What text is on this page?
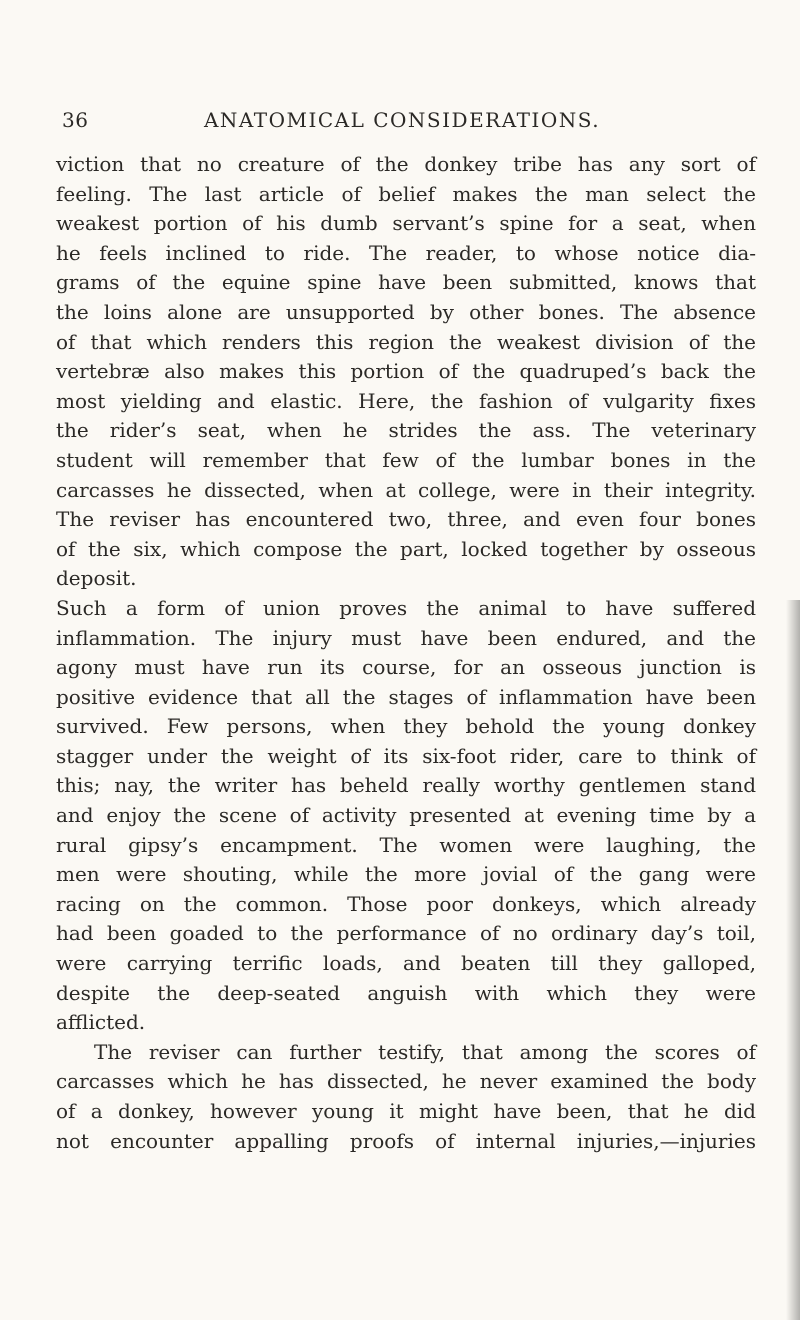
36	ANATOMICAL CONSIDERATIONS.
viction that no creature of the donkey tribe has any sort of
feeling. The last article of belief makes the man select the
weakest portion of his dumb servant’s spine for a seat, when
he feels inclined to ride. The reader, to whose notice dia-
grams of the equine spine have been submitted, knows that
the loins alone are unsupported by other bones. The absence
of that which renders this region the weakest division of the
vertebræ also makes this portion of the quadruped’s back the
most yielding and elastic. Here, the fashion of vulgarity fixes
the rider’s seat, when he strides the ass. The veterinary
student will remember that few of the lumbar bones in the
carcasses he dissected, when at college, were in their integrity.
The reviser has encountered two, three, and even four bones
of the six, which compose the part, locked together by osseous
deposit.
Such a form of union proves the animal to have suffered
inflammation. The injury must have been endured, and the
agony must have run its course, for an osseous junction is
positive evidence that all the stages of inflammation have been
survived. Few persons, when they behold the young donkey
stagger under the weight of its six-foot rider, care to think of
this; nay, the writer has beheld really worthy gentlemen stand
and enjoy the scene of activity presented at evening time by a
rural gipsy’s encampment. The women were laughing, the
men were shouting, while the more jovial of the gang were
racing on the common. Those poor donkeys, which already
had been goaded to the performance of no ordinary day’s toil,
were carrying terrific loads, and beaten till they galloped,
despite the deep-seated anguish with which they were
afflicted.
The reviser can further testify, that among the scores of
carcasses which he has dissected, he never examined the body
of a donkey, however young it might have been, that he did
not encounter appalling proofs of internal injuries,—injuries
